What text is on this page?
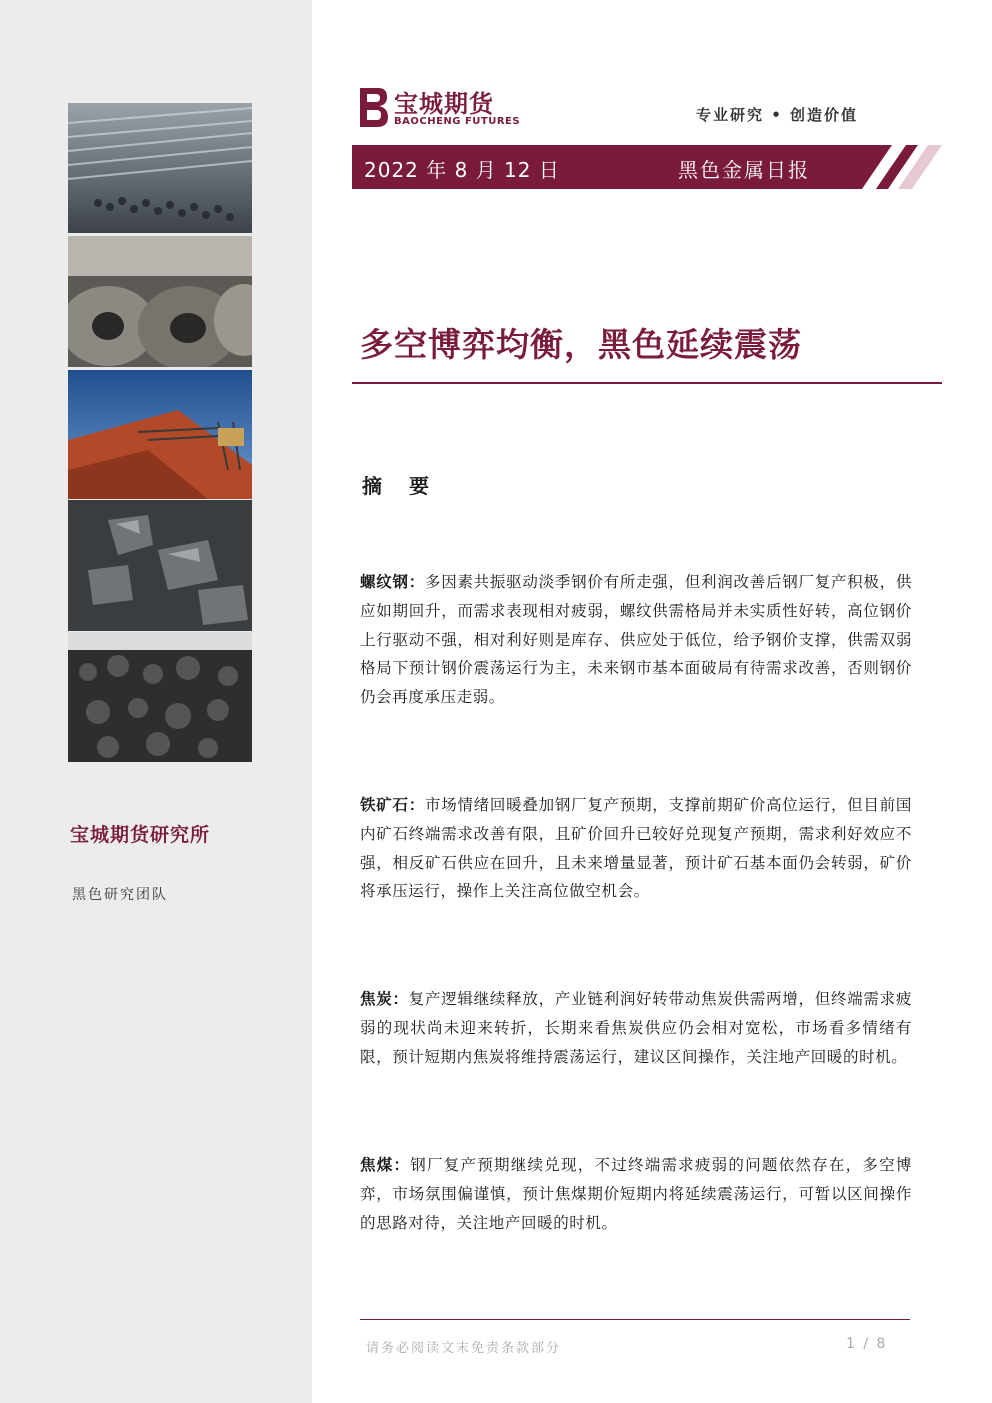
宝城期货研究所
黑色研究团队
宝城期货
BAOCHENG FUTURES	专业研究 • 创造价值
2022 年 8 月 12 日	黑色金属日报
多空博弈均衡，黑色延续震荡
摘 要
螺纹钢：多因素共振驱动淡季钢价有所走强，但利润改善后钢厂复产积极，供应如期回升，而需求表现相对疲弱，螺纹供需格局并未实质性好转，高位钢价上行驱动不强，相对利好则是库存、供应处于低位，给予钢价支撑，供需双弱格局下预计钢价震荡运行为主，未来钢市基本面破局有待需求改善，否则钢价仍会再度承压走弱。
铁矿石：市场情绪回暖叠加钢厂复产预期，支撑前期矿价高位运行，但目前国内矿石终端需求改善有限，且矿价回升已较好兑现复产预期，需求利好效应不强，相反矿石供应在回升，且未来增量显著，预计矿石基本面仍会转弱，矿价将承压运行，操作上关注高位做空机会。
焦炭：复产逻辑继续释放，产业链利润好转带动焦炭供需两增，但终端需求疲弱的现状尚未迎来转折，长期来看焦炭供应仍会相对宽松，市场看多情绪有限，预计短期内焦炭将维持震荡运行，建议区间操作，关注地产回暖的时机。
焦煤：钢厂复产预期继续兑现，不过终端需求疲弱的问题依然存在，多空博弈，市场氛围偏谨慎，预计焦煤期价短期内将延续震荡运行，可暂以区间操作的思路对待，关注地产回暖的时机。
请务必阅读文末免责条款部分	1 / 8
